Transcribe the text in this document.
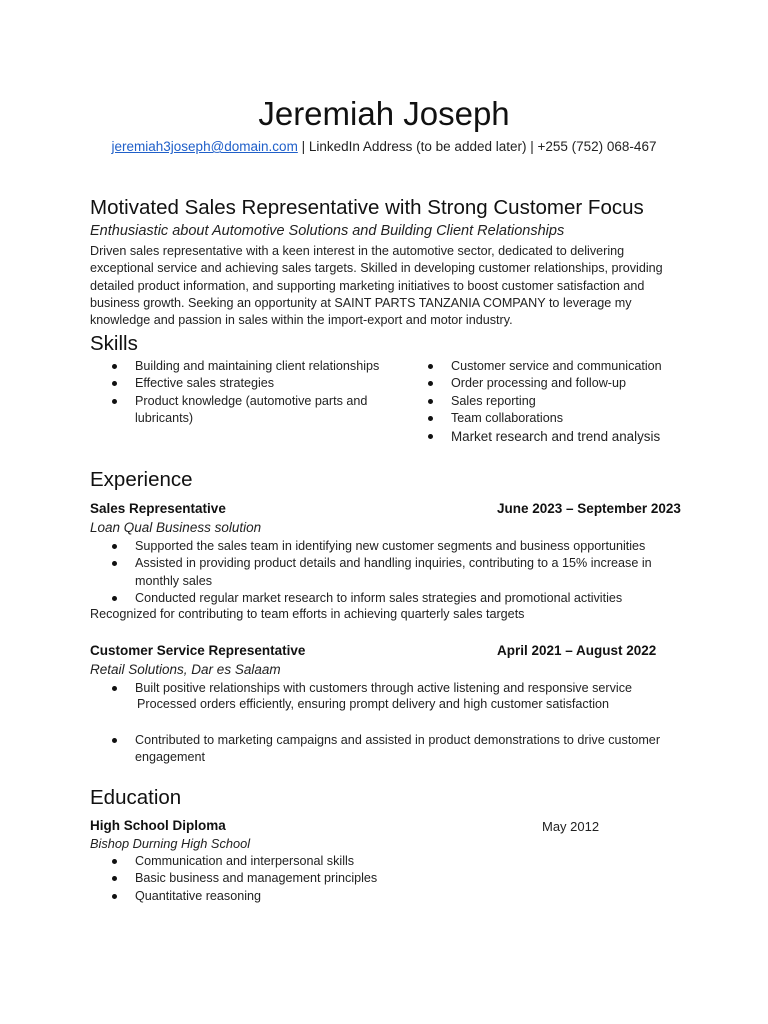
Jeremiah Joseph
jeremiah3joseph@domain.com | LinkedIn Address (to be added later) | +255 (752) 068-467
Motivated Sales Representative with Strong Customer Focus
Enthusiastic about Automotive Solutions and Building Client Relationships

Driven sales representative with a keen interest in the automotive sector, dedicated to delivering exceptional service and achieving sales targets. Skilled in developing customer relationships, providing detailed product information, and supporting marketing initiatives to boost customer satisfaction and business growth. Seeking an opportunity at SAINT PARTS TANZANIA COMPANY to leverage my knowledge and passion in sales within the import-export and motor industry.

Skills
Building and maintaining client relationships
Effective sales strategies
Product knowledge (automotive parts and lubricants)
Customer service and communication
Order processing and follow-up
Sales reporting
Team collaborations
Market research and trend analysis
Experience
Sales Representative	June 2023 – September 2023
Loan Qual Business solution
Supported the sales team in identifying new customer segments and business opportunities
Assisted in providing product details and handling inquiries, contributing to a 15% increase in monthly sales
Conducted regular market research to inform sales strategies and promotional activities
Recognized for contributing to team efforts in achieving quarterly sales targets
Customer Service Representative	April 2021 – August 2022
Retail Solutions, Dar es Salaam
Built positive relationships with customers through active listening and responsive service
Processed orders efficiently, ensuring prompt delivery and high customer satisfaction
Contributed to marketing campaigns and assisted in product demonstrations to drive customer engagement
Education
High School Diploma	May 2012
Bishop Durning High School
Communication and interpersonal skills
Basic business and management principles
Quantitative reasoning
